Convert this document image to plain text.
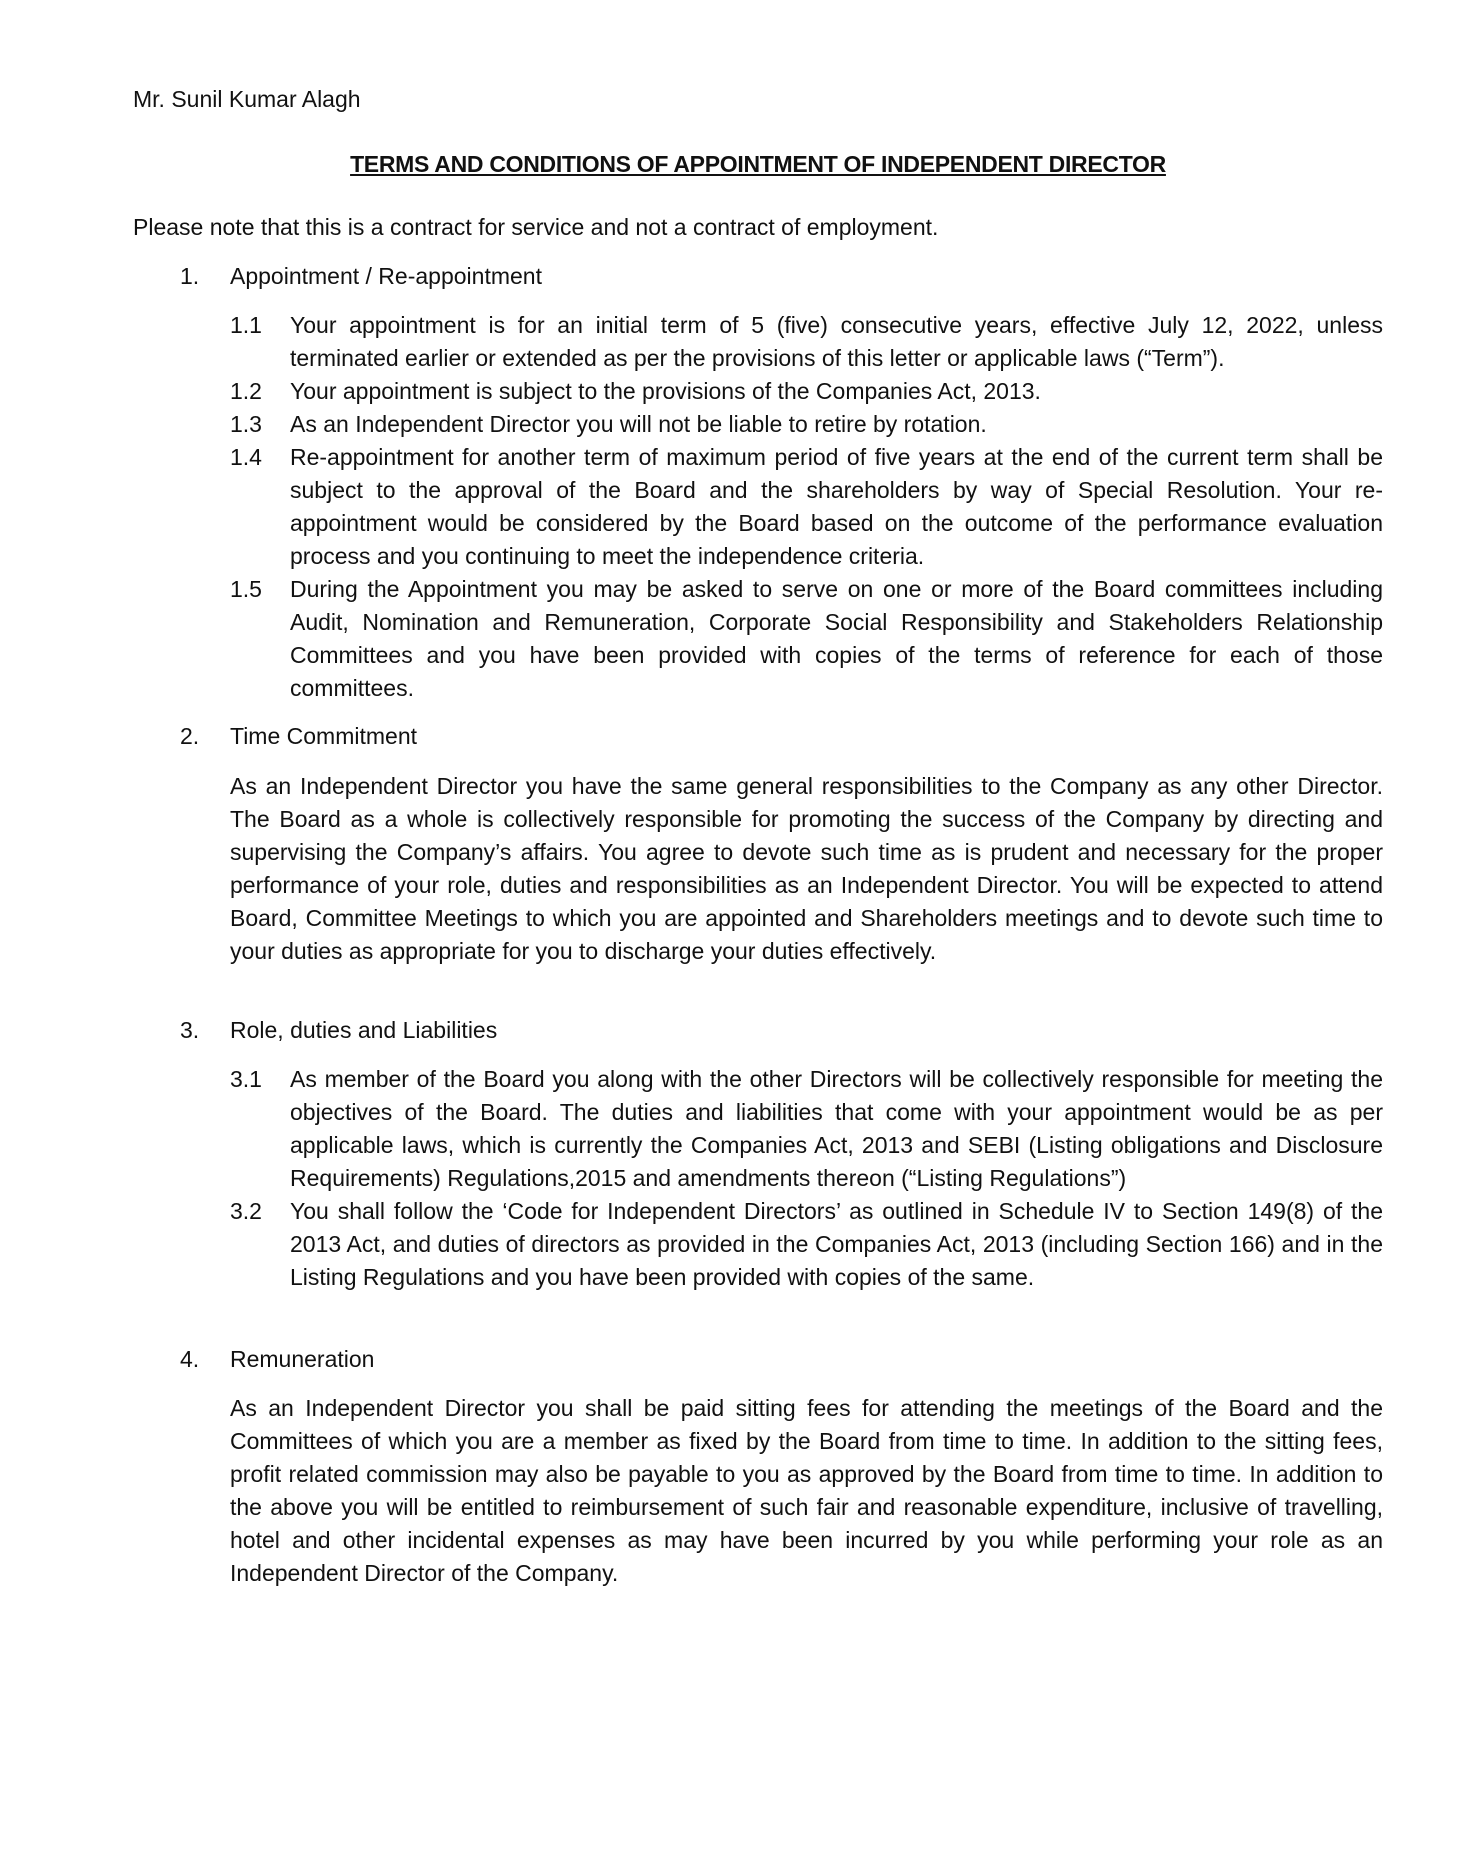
Mr. Sunil Kumar Alagh

TERMS AND CONDITIONS OF APPOINTMENT OF INDEPENDENT DIRECTOR

Please note that this is a contract for service and not a contract of employment.

1.	Appointment / Re-appointment
1.1	Your appointment is for an initial term of 5 (five) consecutive years, effective July 12, 2022, unless terminated earlier or extended as per the provisions of this letter or applicable laws (“Term”).
1.2	Your appointment is subject to the provisions of the Companies Act, 2013.
1.3	As an Independent Director you will not be liable to retire by rotation.
1.4	Re-appointment for another term of maximum period of five years at the end of the current term shall be subject to the approval of the Board and the shareholders by way of Special Resolution. Your re-appointment would be considered by the Board based on the outcome of the performance evaluation process and you continuing to meet the independence criteria.
1.5	During the Appointment you may be asked to serve on one or more of the Board committees including Audit, Nomination and Remuneration, Corporate Social Responsibility and Stakeholders Relationship Committees and you have been provided with copies of the terms of reference for each of those committees.
2.	Time Commitment

As an Independent Director you have the same general responsibilities to the Company as any other Director. The Board as a whole is collectively responsible for promoting the success of the Company by directing and supervising the Company’s affairs. You agree to devote such time as is prudent and necessary for the proper performance of your role, duties and responsibilities as an Independent Director. You will be expected to attend Board, Committee Meetings to which you are appointed and Shareholders meetings and to devote such time to your duties as appropriate for you to discharge your duties effectively.

3.	Role, duties and Liabilities
3.1	As member of the Board you along with the other Directors will be collectively responsible for meeting the objectives of the Board. The duties and liabilities that come with your appointment would be as per applicable laws, which is currently the Companies Act, 2013 and SEBI (Listing obligations and Disclosure Requirements) Regulations,2015 and amendments thereon (“Listing Regulations”)
3.2	You shall follow the ‘Code for Independent Directors’ as outlined in Schedule IV to Section 149(8) of the 2013 Act, and duties of directors as provided in the Companies Act, 2013 (including Section 166) and in the Listing Regulations and you have been provided with copies of the same.
4.	Remuneration

As an Independent Director you shall be paid sitting fees for attending the meetings of the Board and the Committees of which you are a member as fixed by the Board from time to time. In addition to the sitting fees, profit related commission may also be payable to you as approved by the Board from time to time. In addition to the above you will be entitled to reimbursement of such fair and reasonable expenditure, inclusive of travelling, hotel and other incidental expenses as may have been incurred by you while performing your role as an Independent Director of the Company.
